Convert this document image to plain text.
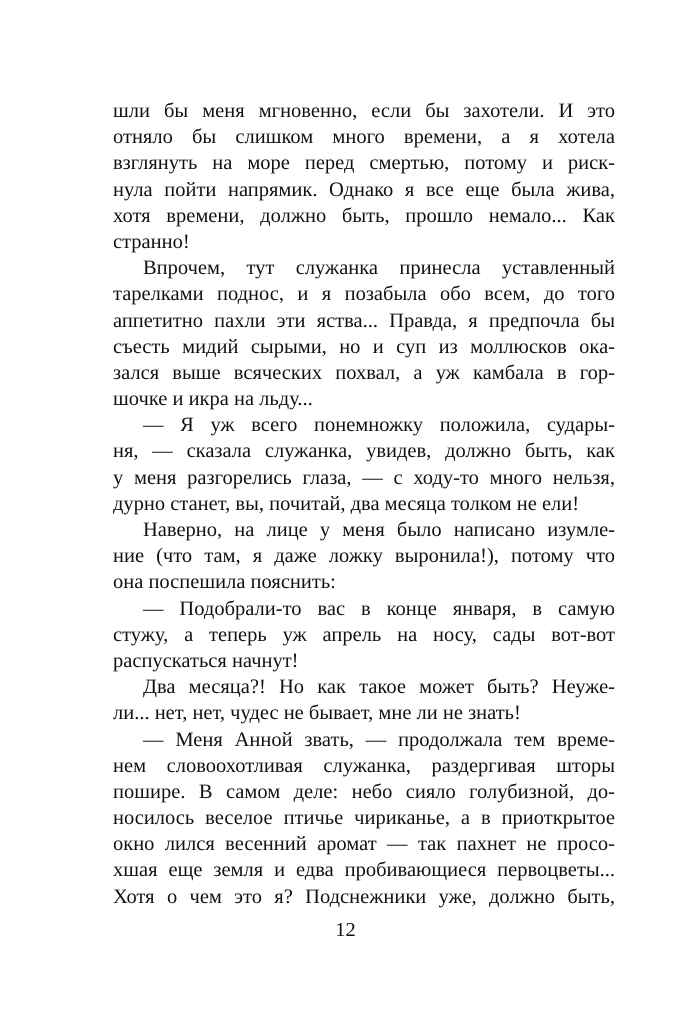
шли бы меня мгновенно, если бы захотели. И это
отняло бы слишком много времени, а я хотела
взглянуть на море перед смертью, потому и риск-
нула пойти напрямик. Однако я все еще была жива,
хотя времени, должно быть, прошло немало... Как
странно!
Впрочем, тут служанка принесла уставленный
тарелками поднос, и я позабыла обо всем, до того
аппетитно пахли эти яства... Правда, я предпочла бы
съесть мидий сырыми, но и суп из моллюсков ока-
зался выше всяческих похвал, а уж камбала в гор-
шочке и икра на льду...
— Я уж всего понемножку положила, судары-
ня, — сказала служанка, увидев, должно быть, как
у меня разгорелись глаза, — с ходу-то много нельзя,
дурно станет, вы, почитай, два месяца толком не ели!
Наверно, на лице у меня было написано изумле-
ние (что там, я даже ложку выронила!), потому что
она поспешила пояснить:
— Подобрали-то вас в конце января, в самую
стужу, а теперь уж апрель на носу, сады вот-вот
распускаться начнут!
Два месяца?! Но как такое может быть? Неуже-
ли... нет, нет, чудес не бывает, мне ли не знать!
— Меня Анной звать, — продолжала тем време-
нем словоохотливая служанка, раздергивая шторы
пошире. В самом деле: небо сияло голубизной, до-
носилось веселое птичье чириканье, а в приоткрытое
окно лился весенний аромат — так пахнет не просо-
хшая еще земля и едва пробивающиеся первоцветы...
Хотя о чем это я? Подснежники уже, должно быть,
12
